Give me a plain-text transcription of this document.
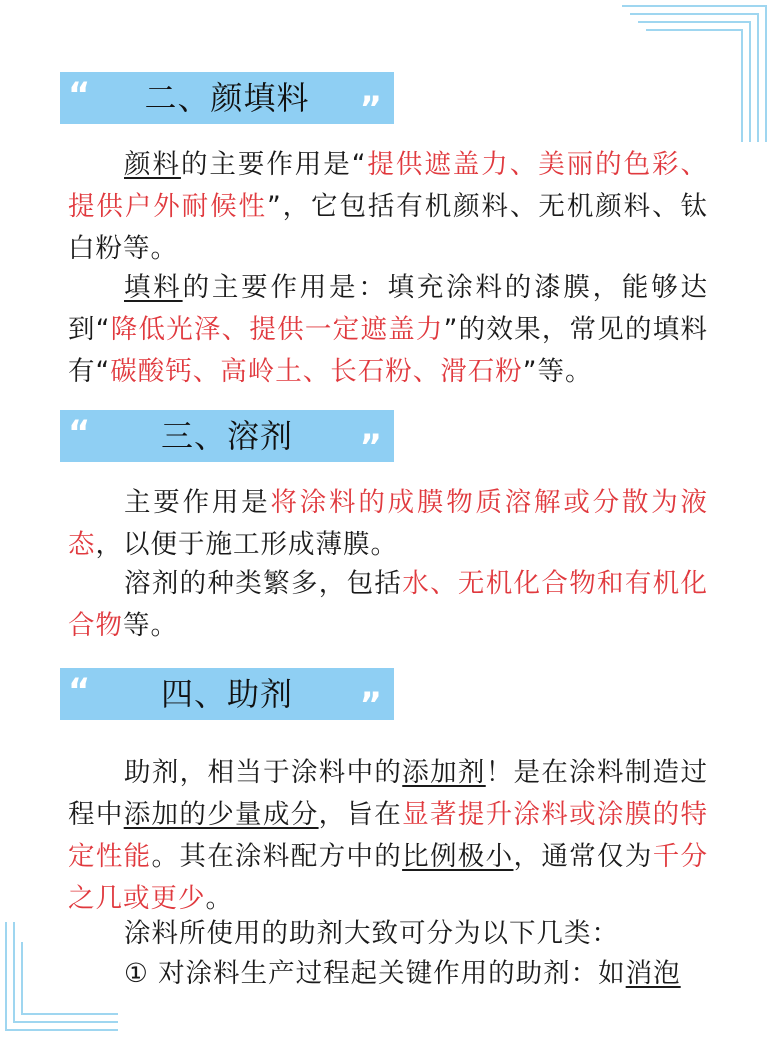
“	二、颜填料	”

颜料的主要作用是“提供遮盖力、美丽的色彩、提供户外耐候性”，它包括有机颜料、无机颜料、钛白粉等。

填料的主要作用是：填充涂料的漆膜，能够达到“降低光泽、提供一定遮盖力”的效果，常见的填料有“碳酸钙、高岭土、长石粉、滑石粉”等。

“	三、溶剂	”

主要作用是将涂料的成膜物质溶解或分散为液态，以便于施工形成薄膜。

溶剂的种类繁多，包括水、无机化合物和有机化合物等。

“	四、助剂	”

助剂，相当于涂料中的添加剂！是在涂料制造过程中添加的少量成分，旨在显著提升涂料或涂膜的特定性能。其在涂料配方中的比例极小，通常仅为千分之几或更少。

涂料所使用的助剂大致可分为以下几类：

① 对涂料生产过程起关键作用的助剂：如消泡
